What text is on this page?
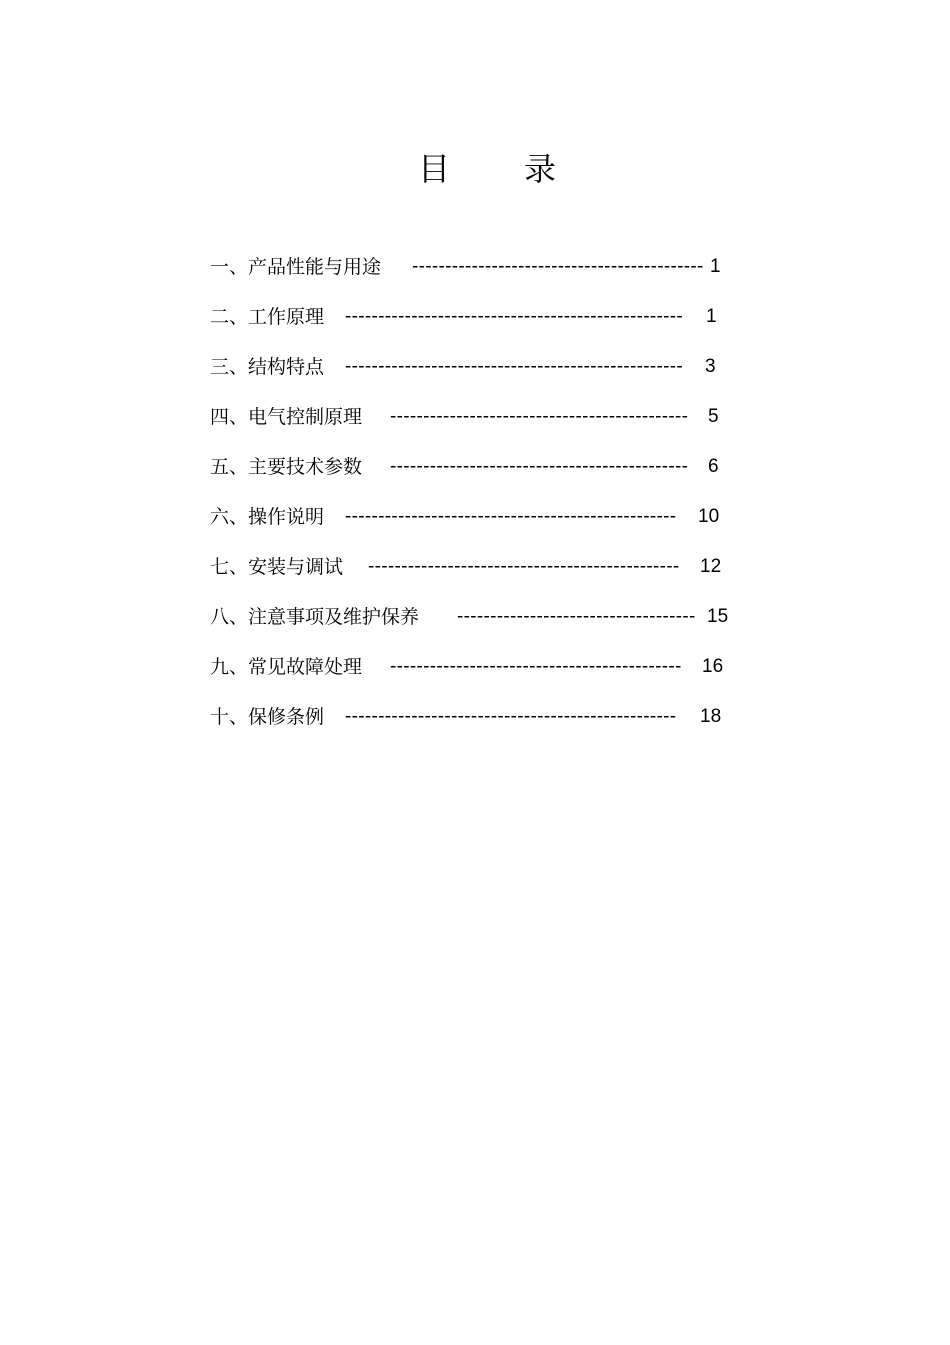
目 录
一、产品性能与用途 -------------------------------------------- 1
二、工作原理 ---------------------------------------------------	1
三、结构特点 ---------------------------------------------------	3
四、电气控制原理 ---------------------------------------------	5
五、主要技术参数 ---------------------------------------------	6
六、操作说明 --------------------------------------------------	10
七、安装与调试 -----------------------------------------------	12
八、注意事项及维护保养 ------------------------------------ 15
九、常见故障处理 --------------------------------------------	16
十、保修条例 --------------------------------------------------	18
